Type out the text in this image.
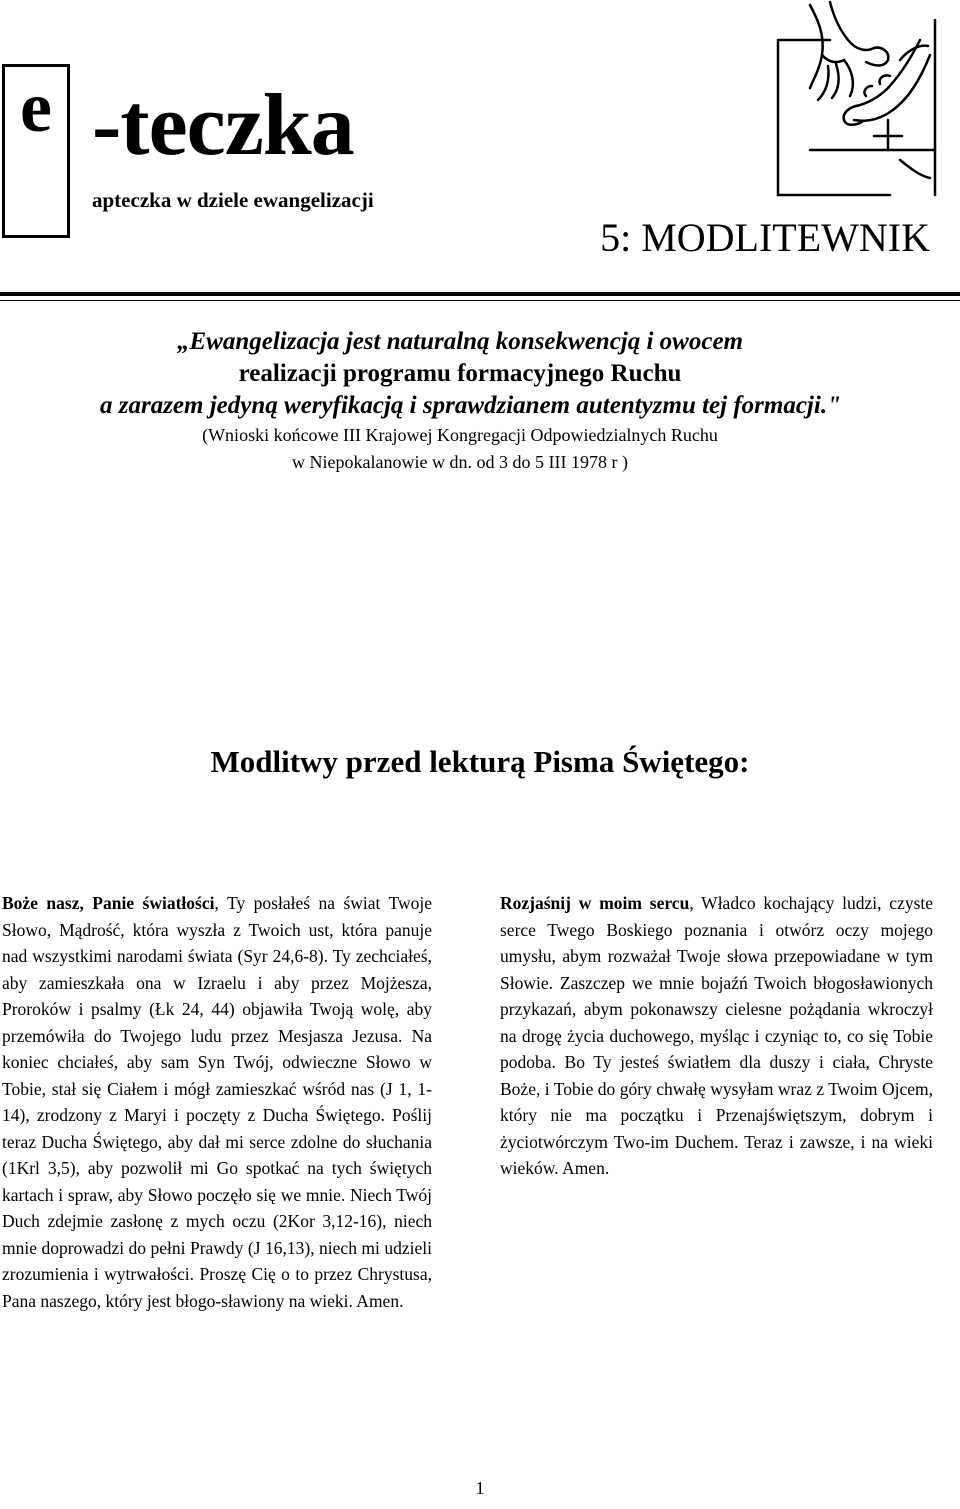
e -teczka
apteczka w dziele ewangelizacji
5: MODLITEWNIK
„Ewangelizacja jest naturalną konsekwencją i owocem
realizacji programu formacyjnego Ruchu
a zarazem jedyną weryfikacją i sprawdzianem autentyzmu tej formacji."
(Wnioski końcowe III Krajowej Kongregacji Odpowiedzialnych Ruchu
w Niepokalanowie w dn. od 3 do 5 III 1978 r )
Modlitwy przed lekturą Pisma Świętego:
Boże nasz, Panie światłości, Ty posłałeś na świat Twoje Słowo, Mądrość, która wyszła z Twoich ust, która panuje nad wszystkimi narodami świata (Syr 24,6-8). Ty zechciałeś, aby zamieszkała ona w Izraelu i aby przez Mojżesza, Proroków i psalmy (Łk 24, 44) objawiła Twoją wolę, aby przemówiła do Twojego ludu przez Mesjasza Jezusa. Na koniec chciałeś, aby sam Syn Twój, odwieczne Słowo w Tobie, stał się Ciałem i mógł zamieszkać wśród nas (J 1, 1-14), zrodzony z Maryi i poczęty z Ducha Świętego. Poślij teraz Ducha Świętego, aby dał mi serce zdolne do słuchania (1Krl 3,5), aby pozwolił mi Go spotkać na tych świętych kartach i spraw, aby Słowo poczęło się we mnie. Niech Twój Duch zdejmie zasłonę z mych oczu (2Kor 3,12-16), niech mnie doprowadzi do pełni Prawdy (J 16,13), niech mi udzieli zrozumienia i wytrwałości. Proszę Cię o to przez Chrystusa, Pana naszego, który jest błogo-sławiony na wieki. Amen.
Rozjaśnij w moim sercu, Władco kochający ludzi, czyste serce Twego Boskiego poznania i otwórz oczy mojego umysłu, abym rozważał Twoje słowa przepowiadane w tym Słowie. Zaszczep we mnie bojaźń Twoich błogosławionych przykazań, abym pokonawszy cielesne pożądania wkroczył na drogę życia duchowego, myśląc i czyniąc to, co się Tobie podoba. Bo Ty jesteś światłem dla duszy i ciała, Chryste Boże, i Tobie do góry chwałę wysyłam wraz z Twoim Ojcem, który nie ma początku i Przenajświętszym, dobrym i życiotwórczym Two-im Duchem. Teraz i zawsze, i na wieki wieków. Amen.
1
